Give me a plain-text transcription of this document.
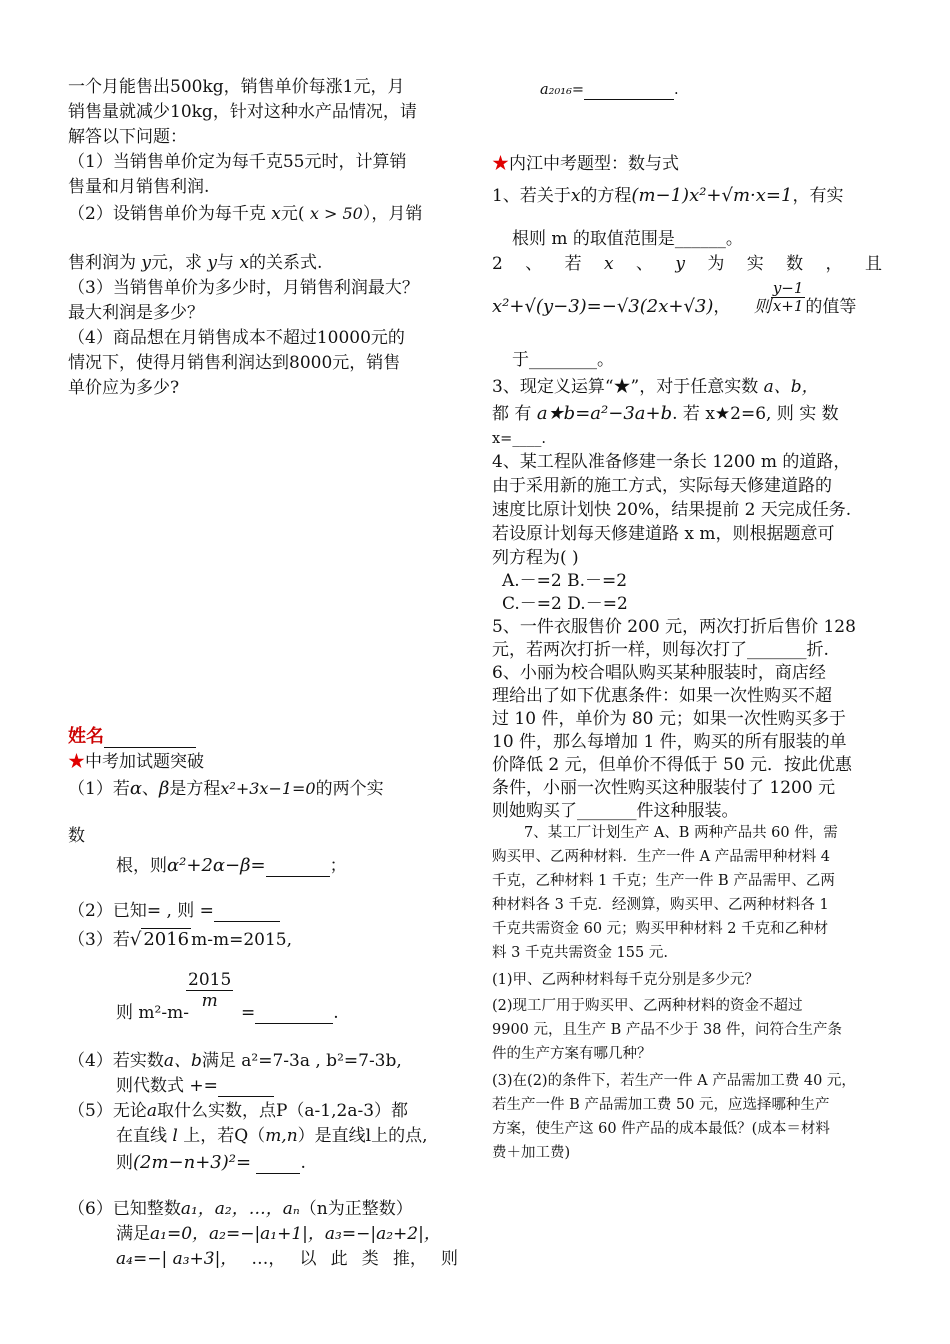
一个月能售出500kg，销售单价每涨1元，月
销售量就减少10kg，针对这种水产品情况，请
解答以下问题：
（1）当销售单价定为每千克55元时，计算销
售量和月销售利润.
（2）设销售单价为每千克 x元( x > 50），月销
售利润为 y元，求 y与 x的关系式.
（3）当销售单价为多少时，月销售利润最大？
最大利润是多少？
（4）商品想在月销售成本不超过10000元的
情况下，使得月销售利润达到8000元，销售
单价应为多少?
姓名
★中考加试题突破
（1）若α、β是方程x²+3x−1=0的两个实
数
根，则α²+2α−β=	；
（2）已知= , 则 =
（3）若√ 2016 m-m=2015,
$\frac{2015}{m}$
则 m²-m-	=	.
（4）若实数a、b满足 a²=7-3a , b²=7-3b,
则代数式 +=
（5）无论a取什么实数，点P（a-1,2a-3）都
在直线 l 上，若Q（m,n）是直线l上的点,
则(2m−n+3)²=	.
（6）已知整数a₁，a₂，…，aₙ（n为正整数）
满足a₁=0，a₂=−|a₁+1|，a₃=−|a₂+2|，
a₄=−| a₃+3|， …， 以 此 类 推， 则
a₂₀₁₆=	.
★内江中考题型：数与式
1、若关于x的方程(m−1)x²+√m·x=1，有实
根则 m 的取值范围是______。
2 、 若 x 、 y 为 实 数 ， 且
x²+√(y−3)=−√3(2x+√3)， 则 $\frac{y-1}{x+1}$ 的值等
于________。
3、现定义运算“★”，对于任意实数 a、b，
都 有 a★b=a²−3a+b. 若 x★2=6, 则 实 数
x=____.
4、某工程队准备修建一条长 1200 m 的道路，
由于采用新的施工方式，实际每天修建道路的
速度比原计划快 20%，结果提前 2 天完成任务.
若设原计划每天修建道路 x m，则根据题意可
列方程为( )
A.－=2 B.－=2
C.－=2 D.－=2
5、一件衣服售价 200 元，两次打折后售价 128
元，若两次打折一样，则每次打了_______折.
6、小丽为校合唱队购买某种服装时，商店经
理给出了如下优惠条件：如果一次性购买不超
过 10 件，单价为 80 元；如果一次性购买多于
10 件，那么每增加 1 件，购买的所有服装的单
价降低 2 元，但单价不得低于 50 元．按此优惠
条件，小丽一次性购买这种服装付了 1200 元
则她购买了_______件这种服装。
7、某工厂计划生产 A、B 两种产品共 60 件，需
购买甲、乙两种材料．生产一件 A 产品需甲种材料 4
千克，乙种材料 1 千克；生产一件 B 产品需甲、乙两
种材料各 3 千克．经测算，购买甲、乙两种材料各 1
千克共需资金 60 元；购买甲种材料 2 千克和乙种材
料 3 千克共需资金 155 元.
(1)甲、乙两种材料每千克分别是多少元？
(2)现工厂用于购买甲、乙两种材料的资金不超过
9900 元，且生产 B 产品不少于 38 件，问符合生产条
件的生产方案有哪几种？
(3)在(2)的条件下，若生产一件 A 产品需加工费 40 元，
若生产一件 B 产品需加工费 50 元，应选择哪种生产
方案，使生产这 60 件产品的成本最低？(成本＝材料
费＋加工费)
